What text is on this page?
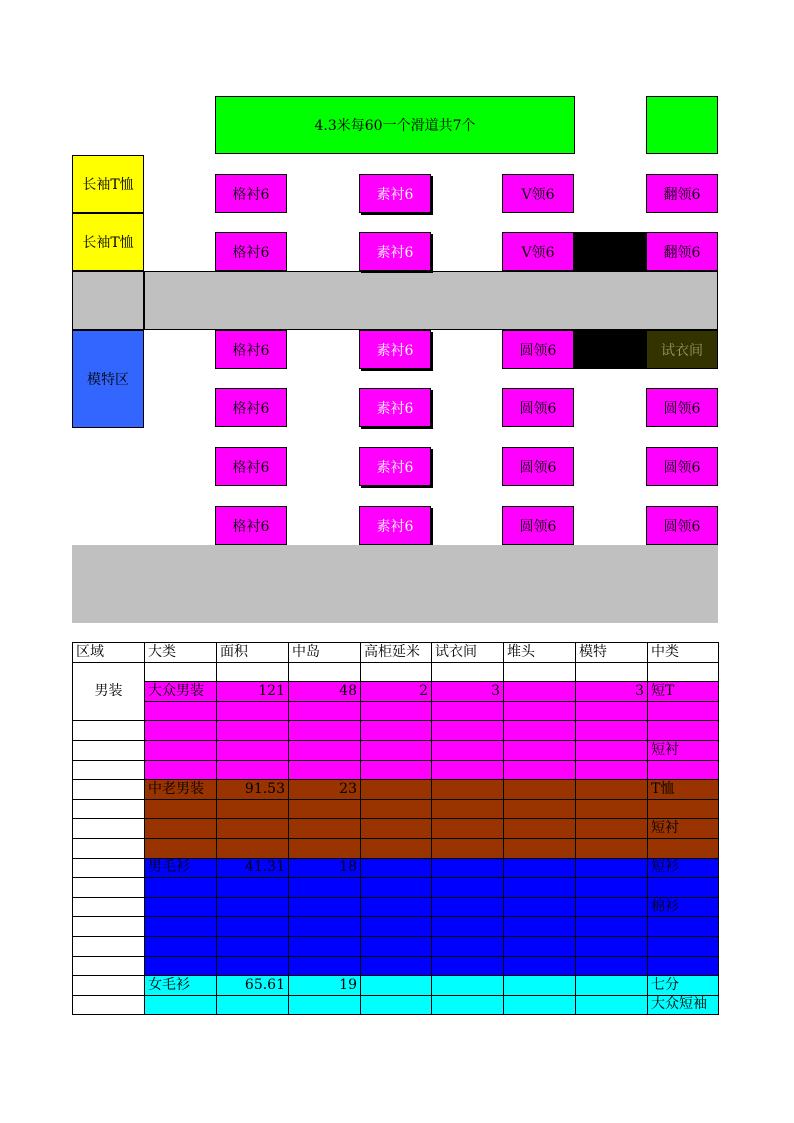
4.3米每60一个滑道共7个
长袖T恤
长袖T恤
模特区
格衬6	素衬6	V领6	翻领6
格衬6	素衬6	V领6	翻领6
格衬6	素衬6	圆领6	试衣间
格衬6	素衬6	圆领6	圆领6
格衬6	素衬6	圆领6	圆领6
格衬6	素衬6	圆领6	圆领6
区域	大类	面积	中岛	高柜延米	试衣间	堆头	模特	中类
男装								
	大众男装	121	48	2	3		3	短T

								短衬

	中老男装	91.53	23					T恤

								短衬

	男毛衫	41.31	18					短衫

								棉衫

	女毛衫	65.61	19					七分
								大众短袖
